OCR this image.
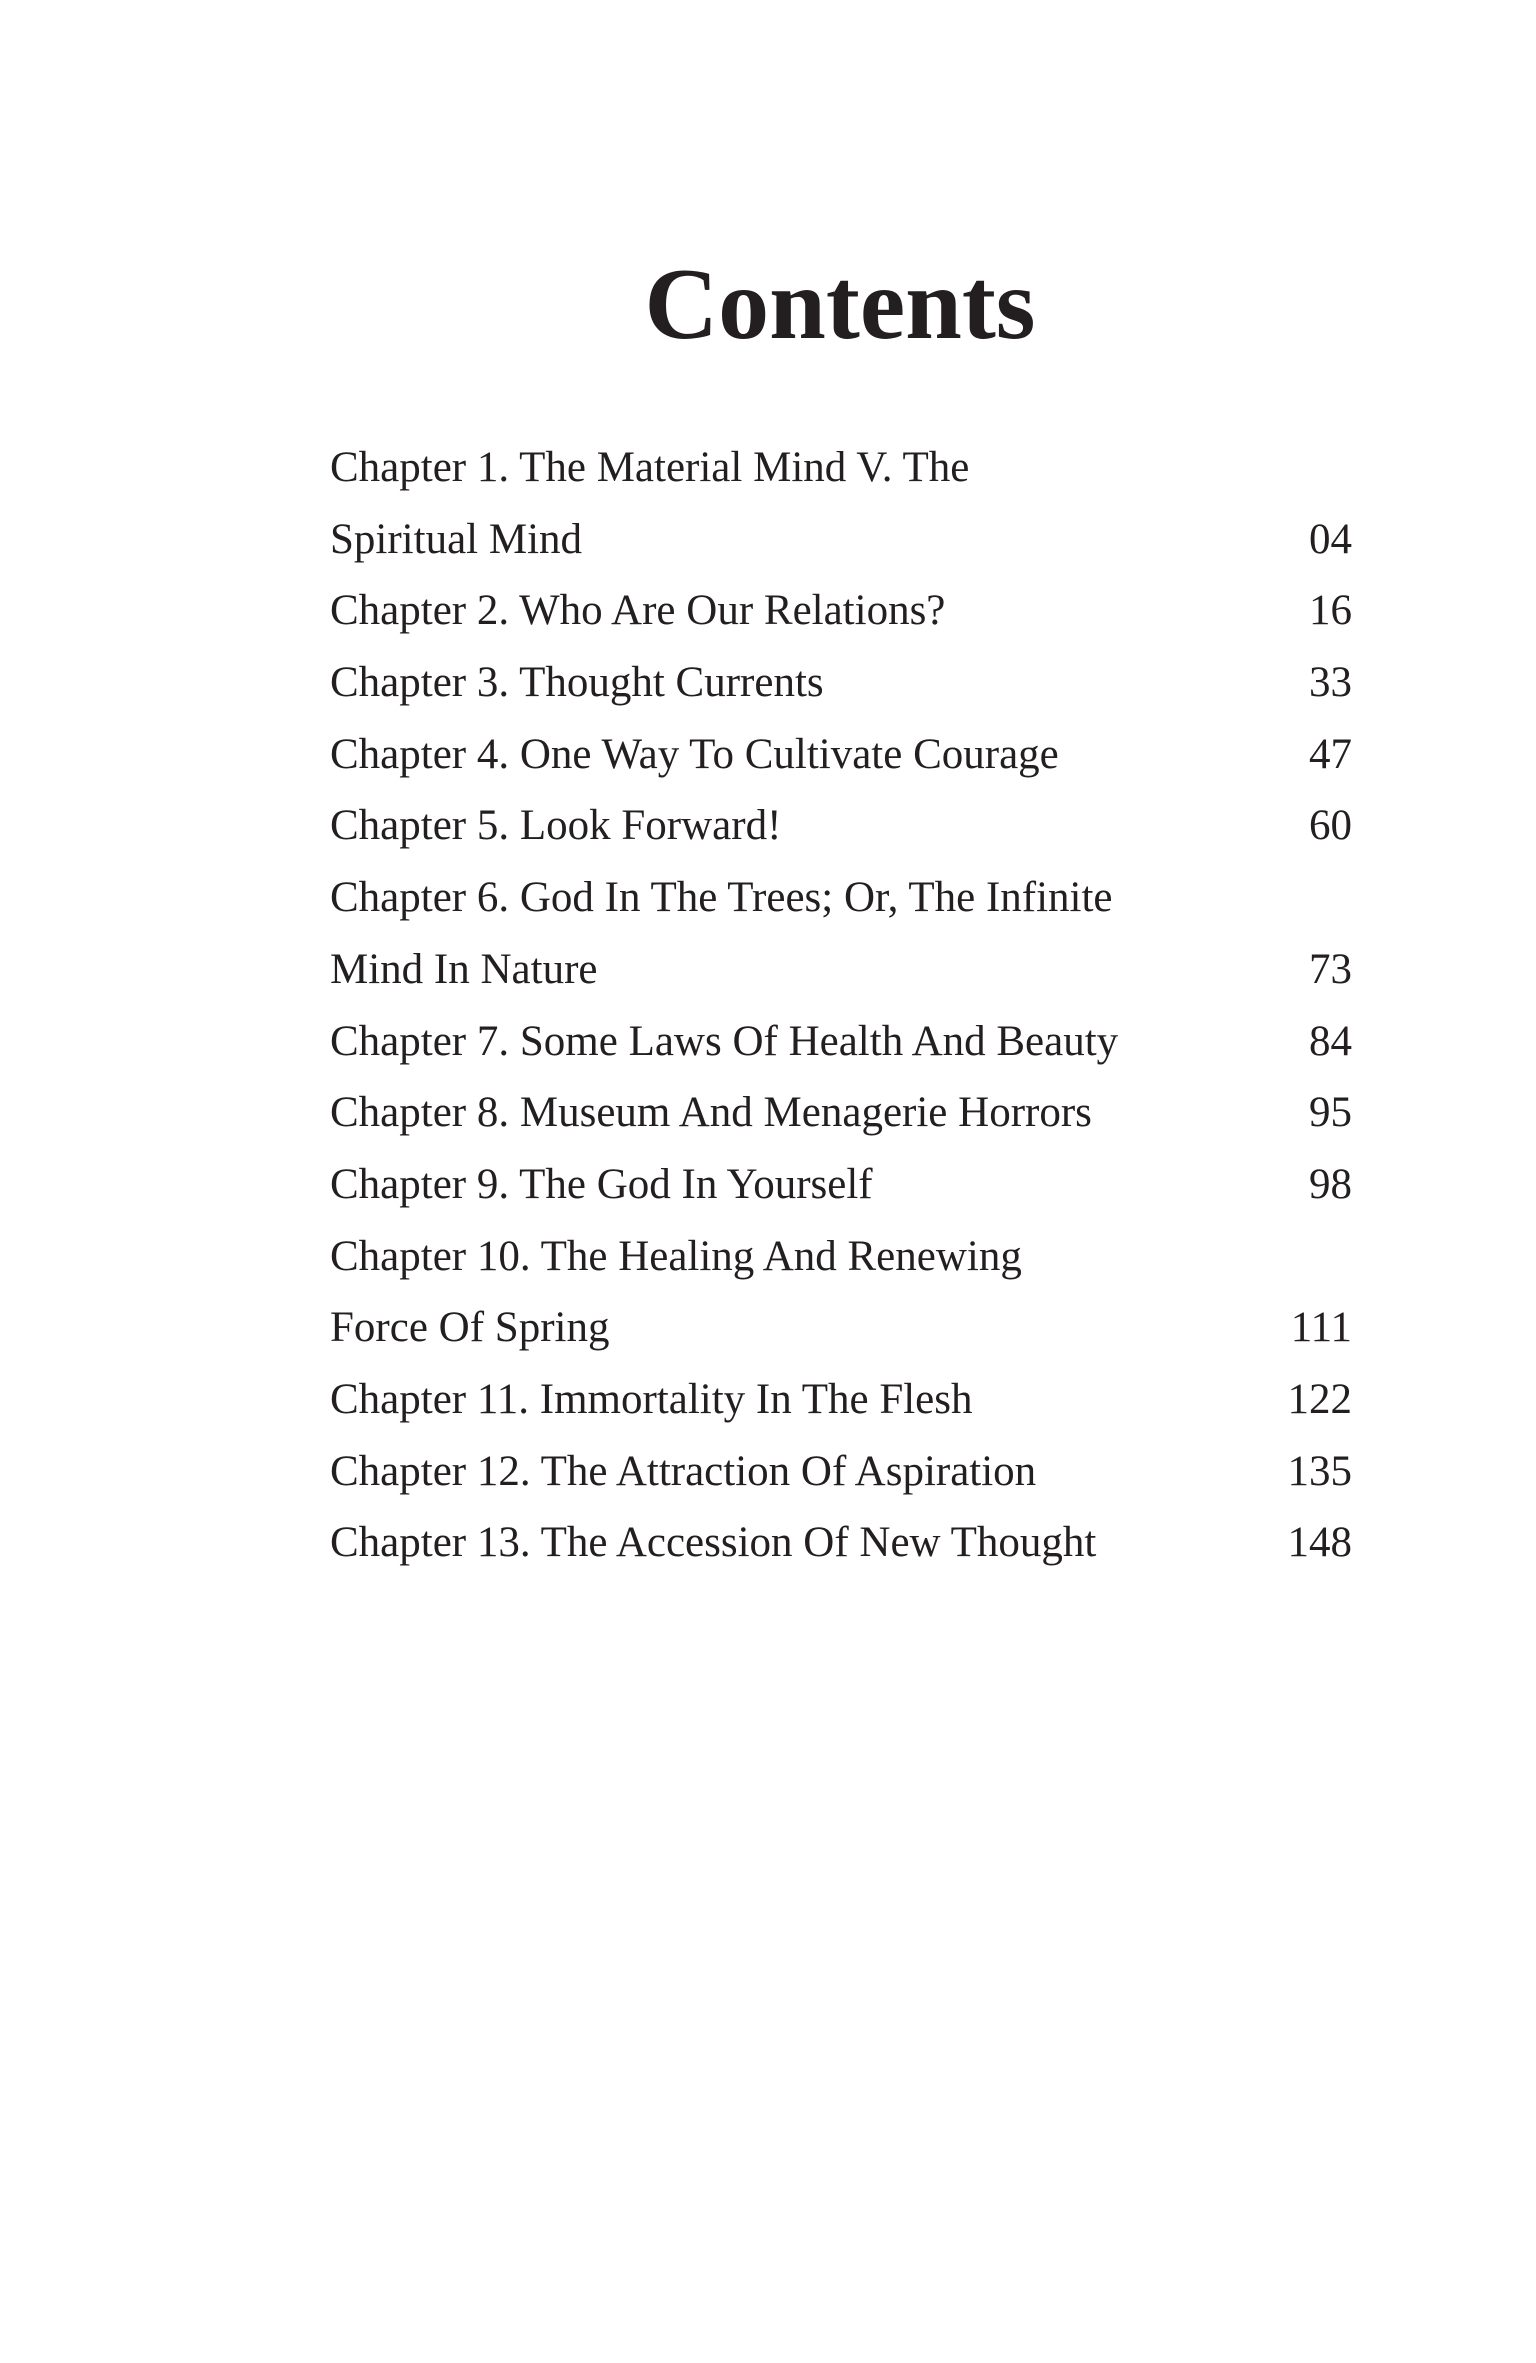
Contents
Chapter 1. The Material Mind V. The
Spiritual Mind	04
Chapter 2. Who Are Our Relations?	16
Chapter 3. Thought Currents	33
Chapter 4. One Way To Cultivate Courage	47
Chapter 5. Look Forward!	60
Chapter 6. God In The Trees; Or, The Infinite
Mind In Nature	73
Chapter 7. Some Laws Of Health And Beauty	84
Chapter 8. Museum And Menagerie Horrors	95
Chapter 9. The God In Yourself	98
Chapter 10. The Healing And Renewing
Force Of Spring	111
Chapter 11. Immortality In The Flesh	122
Chapter 12. The Attraction Of Aspiration	135
Chapter 13. The Accession Of New Thought	148
